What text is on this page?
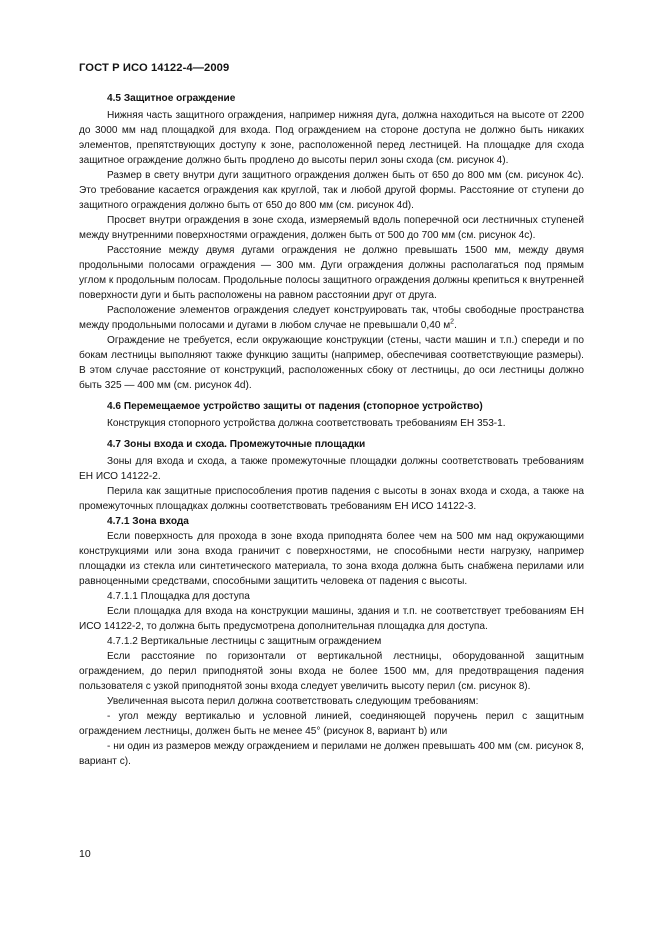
ГОСТ Р ИСО 14122-4—2009

4.5 Защитное ограждение

Нижняя часть защитного ограждения, например нижняя дуга, должна находиться на высоте от 2200 до 3000 мм над площадкой для входа. Под ограждением на стороне доступа не должно быть никаких элементов, препятствующих доступу к зоне, расположенной перед лестницей. На площадке для схода защитное ограждение должно быть продлено до высоты перил зоны схода (см. рисунок 4).

Размер в свету внутри дуги защитного ограждения должен быть от 650 до 800 мм (см. рисунок 4c). Это требование касается ограждения как круглой, так и любой другой формы. Расстояние от ступени до защитного ограждения должно быть от 650 до 800 мм (см. рисунок 4d).

Просвет внутри ограждения в зоне схода, измеряемый вдоль поперечной оси лестничных ступеней между внутренними поверхностями ограждения, должен быть от 500 до 700 мм (см. рисунок 4c).

Расстояние между двумя дугами ограждения не должно превышать 1500 мм, между двумя продольными полосами ограждения — 300 мм. Дуги ограждения должны располагаться под прямым углом к продольным полосам. Продольные полосы защитного ограждения должны крепиться к внутренней поверхности дуги и быть расположены на равном расстоянии друг от друга.

Расположение элементов ограждения следует конструировать так, чтобы свободные пространства между продольными полосами и дугами в любом случае не превышали 0,40 $м^2$.

Ограждение не требуется, если окружающие конструкции (стены, части машин и т.п.) спереди и по бокам лестницы выполняют также функцию защиты (например, обеспечивая соответствующие размеры). В этом случае расстояние от конструкций, расположенных сбоку от лестницы, до оси лестницы должно быть 325 — 400 мм (см. рисунок 4d).

4.6 Перемещаемое устройство защиты от падения (стопорное устройство)

Конструкция стопорного устройства должна соответствовать требованиям ЕН 353-1.

4.7 Зоны входа и схода. Промежуточные площадки

Зоны для входа и схода, а также промежуточные площадки должны соответствовать требованиям ЕН ИСО 14122-2.

Перила как защитные приспособления против падения с высоты в зонах входа и схода, а также на промежуточных площадках должны соответствовать требованиям ЕН ИСО 14122-3.

4.7.1 Зона входа

Если поверхность для прохода в зоне входа приподнята более чем на 500 мм над окружающими конструкциями или зона входа граничит с поверхностями, не способными нести нагрузку, например площадки из стекла или синтетического материала, то зона входа должна быть снабжена перилами или равноценными средствами, способными защитить человека от падения с высоты.

4.7.1.1 Площадка для доступа

Если площадка для входа на конструкции машины, здания и т.п. не соответствует требованиям ЕН ИСО 14122-2, то должна быть предусмотрена дополнительная площадка для доступа.

4.7.1.2 Вертикальные лестницы с защитным ограждением

Если расстояние по горизонтали от вертикальной лестницы, оборудованной защитным ограждением, до перил приподнятой зоны входа не более 1500 мм, для предотвращения падения пользователя с узкой приподнятой зоны входа следует увеличить высоту перил (см. рисунок 8).

Увеличенная высота перил должна соответствовать следующим требованиям:

- угол между вертикалью и условной линией, соединяющей поручень перил с защитным ограждением лестницы, должен быть не менее 45° (рисунок 8, вариант b) или

- ни один из размеров между ограждением и перилами не должен превышать 400 мм (см. рисунок 8, вариант c).

10
